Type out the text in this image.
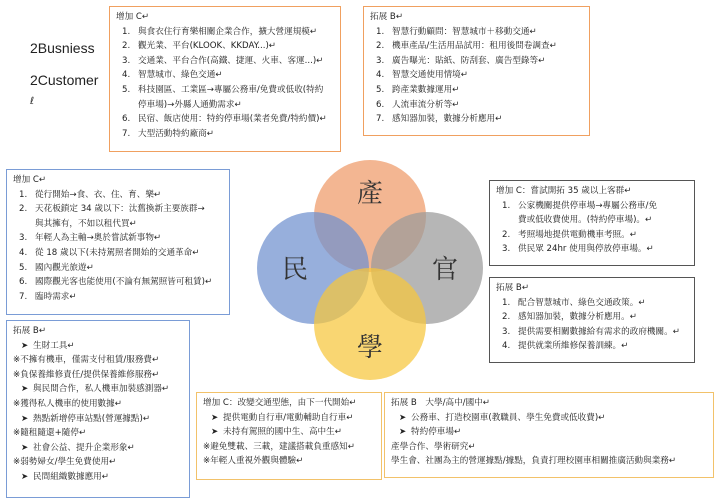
2Busniess
2Customer
ℓ
增加 C↵
1. 與食衣住行育樂相關企業合作，擴大營運規模↵
2. 觀光業、平台(KLOOK、KKDAY...)↵
3. 交通業、平台合作(高鐵、捷運、火車、客運...)↵
4. 智慧城市、綠色交通↵
5. 科技園區、工業區→專屬公務車/免費或低收(特約
停車場)→外縣人通勤需求↵
6. 民宿、飯店使用：特約停車場(業者免費/特約價)↵
7. 大型活動特約廠商↵
拓展 B↵
1. 智慧行動顧問：智慧城市＋移動交通↵
2. 機車產品/生活用品試用：租用後問卷調查↵
3. 廣告曝光：貼紙、防刮套、廣告型錄等↵
4. 智慧交通使用情境↵
5. 跨產業數據運用↵
6. 人流車流分析等↵
7. 感知器加裝，數據分析應用↵
增加 C↵
1. 從行開始→食、衣、住、育、樂↵
2. 天花板鎖定 34 歲以下：汰舊換新主要族群→
與其擁有，不如以租代買↵
3. 年輕人為主軸→奧於嘗試新事物↵
4. 從 18 歲以下(未持駕照者開始的交通革命↵
5. 國內觀光旅遊↵
6. 國際觀光客也能使用(不論有無駕照皆可租賃)↵
7. 臨時需求↵
拓展 B↵
➤ 生財工具↵
※不擁有機車，僅需支付租賃/服務費↵
※負保養維修責任/提供保養維修服務↵
➤ 與民間合作，私人機車加裝感測器↵
※獲得私人機車的使用數據↵
➤ 熱點新增停車站點(營運據點)↵
※隨租隨還+隨停↵
➤ 社會公益、提升企業形象↵
※弱勢婦女/學生免費使用↵
➤ 民間組織數據應用↵
增加 C：嘗試開拓 35 歲以上客群↵
1. 公家機關提供停車場→專屬公務車/免
費或低收費使用。(特約停車場)。↵
2. 考照場地提供電動機車考照。↵
3. 供民眾 24hr 使用與停放停車場。↵
拓展 B↵
1. 配合智慧城市、綠色交通政策。↵
2. 感知器加裝，數據分析應用。↵
3. 提供需要相關數據給有需求的政府機關。↵
4. 提供就業所維修保養訓練。↵
增加 C：改變交通型態，由下一代開始↵
➤ 提供電動自行車/電動輔助自行車↵
➤ 未持有駕照的國中生、高中生↵
※避免雙載、三載，建議搭載負重感知↵
※年輕人重視外觀與體驗↵
拓展 B　大學/高中/國中↵
➤ 公務車、打造校園車(教職員、學生免費或低收費)↵
➤ 特約停車場↵
產學合作、學術研究↵
學生會、社團為主的營運據點/據點，負責打理校園車相關推廣活動與業務↵
產
民	官
學
